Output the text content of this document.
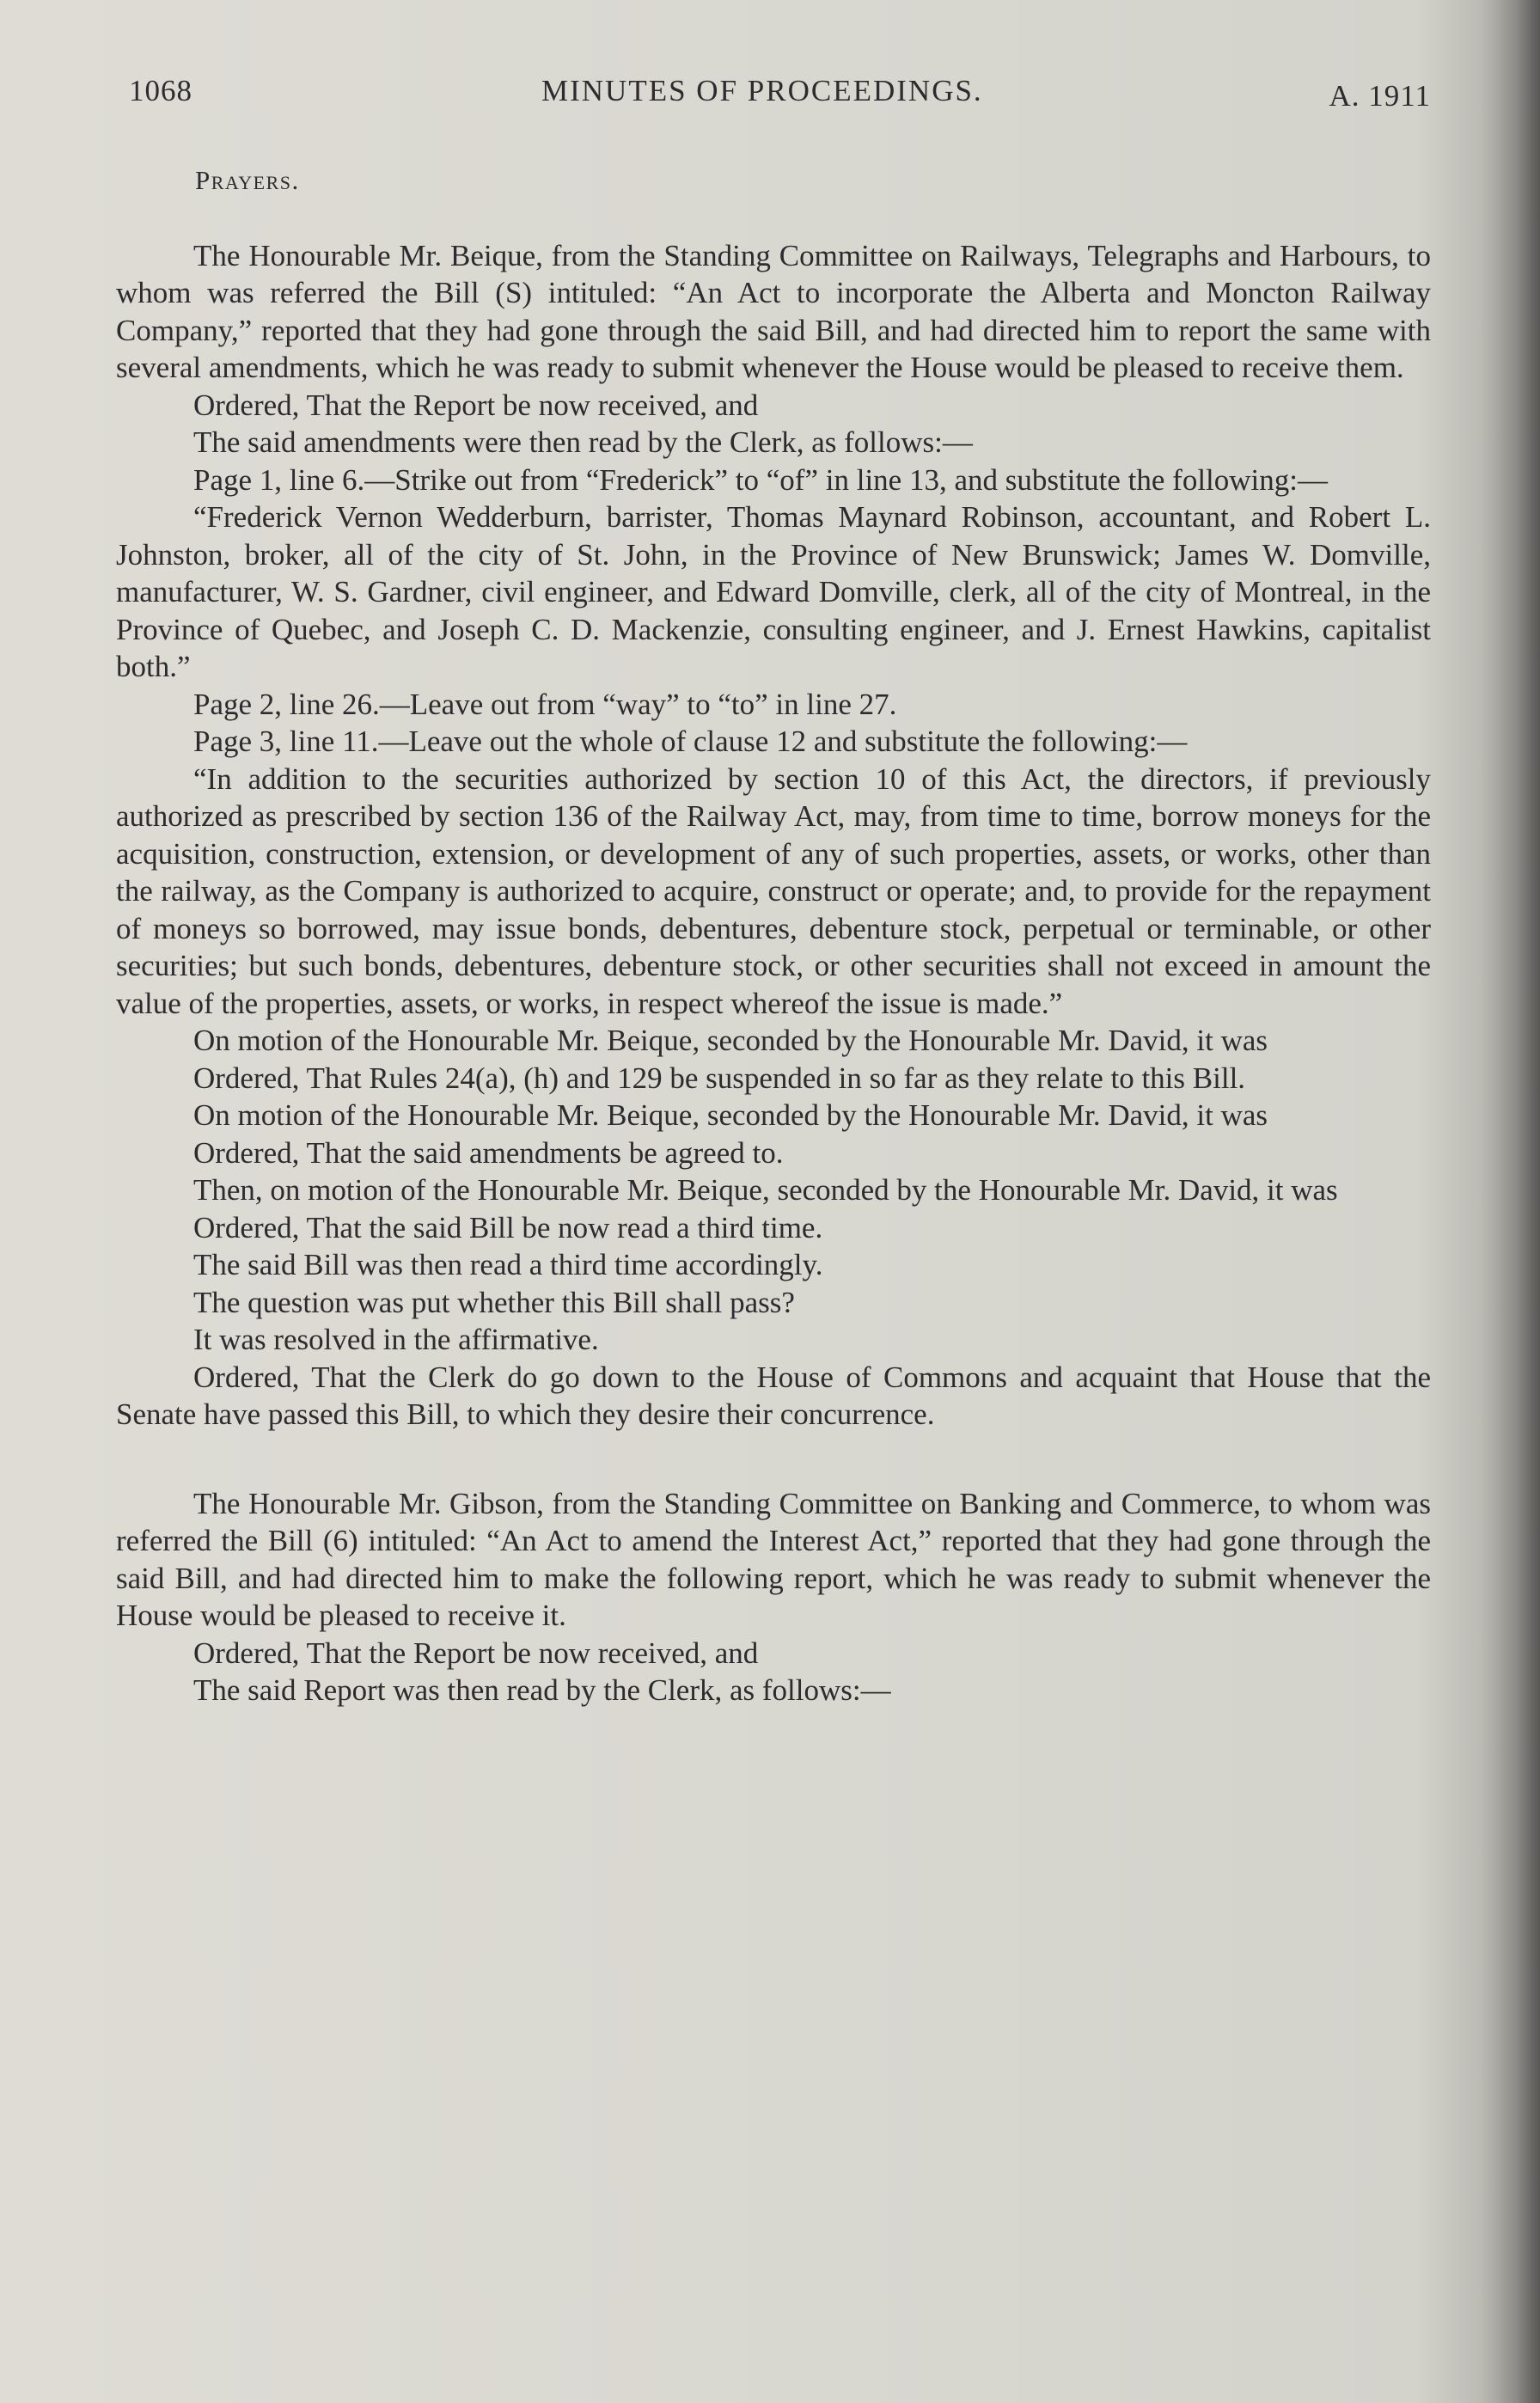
1068	MINUTES OF PROCEEDINGS.	A. 1911
Prayers.

The Honourable Mr. Beique, from the Standing Committee on Railways, Telegraphs and Harbours, to whom was referred the Bill (S) intituled: “An Act to incorporate the Alberta and Moncton Railway Company,” reported that they had gone through the said Bill, and had directed him to report the same with several amendments, which he was ready to submit whenever the House would be pleased to receive them.

Ordered, That the Report be now received, and

The said amendments were then read by the Clerk, as follows:—

Page 1, line 6.—Strike out from “Frederick” to “of” in line 13, and substitute the following:—

“Frederick Vernon Wedderburn, barrister, Thomas Maynard Robinson, accountant, and Robert L. Johnston, broker, all of the city of St. John, in the Province of New Brunswick; James W. Domville, manufacturer, W. S. Gardner, civil engineer, and Edward Domville, clerk, all of the city of Montreal, in the Province of Quebec, and Joseph C. D. Mackenzie, consulting engineer, and J. Ernest Hawkins, capitalist both.”

Page 2, line 26.—Leave out from “way” to “to” in line 27.

Page 3, line 11.—Leave out the whole of clause 12 and substitute the following:—

“In addition to the securities authorized by section 10 of this Act, the directors, if previously authorized as prescribed by section 136 of the Railway Act, may, from time to time, borrow moneys for the acquisition, construction, extension, or development of any of such properties, assets, or works, other than the railway, as the Company is authorized to acquire, construct or operate; and, to provide for the repayment of moneys so borrowed, may issue bonds, debentures, debenture stock, perpetual or terminable, or other securities; but such bonds, debentures, debenture stock, or other securities shall not exceed in amount the value of the properties, assets, or works, in respect whereof the issue is made.”

On motion of the Honourable Mr. Beique, seconded by the Honourable Mr. David, it was

Ordered, That Rules 24(a), (h) and 129 be suspended in so far as they relate to this Bill.

On motion of the Honourable Mr. Beique, seconded by the Honourable Mr. David, it was

Ordered, That the said amendments be agreed to.

Then, on motion of the Honourable Mr. Beique, seconded by the Honourable Mr. David, it was

Ordered, That the said Bill be now read a third time.

The said Bill was then read a third time accordingly.

The question was put whether this Bill shall pass?

It was resolved in the affirmative.

Ordered, That the Clerk do go down to the House of Commons and acquaint that House that the Senate have passed this Bill, to which they desire their concurrence.

The Honourable Mr. Gibson, from the Standing Committee on Banking and Commerce, to whom was referred the Bill (6) intituled: “An Act to amend the Interest Act,” reported that they had gone through the said Bill, and had directed him to make the following report, which he was ready to submit whenever the House would be pleased to receive it.

Ordered, That the Report be now received, and

The said Report was then read by the Clerk, as follows:—
